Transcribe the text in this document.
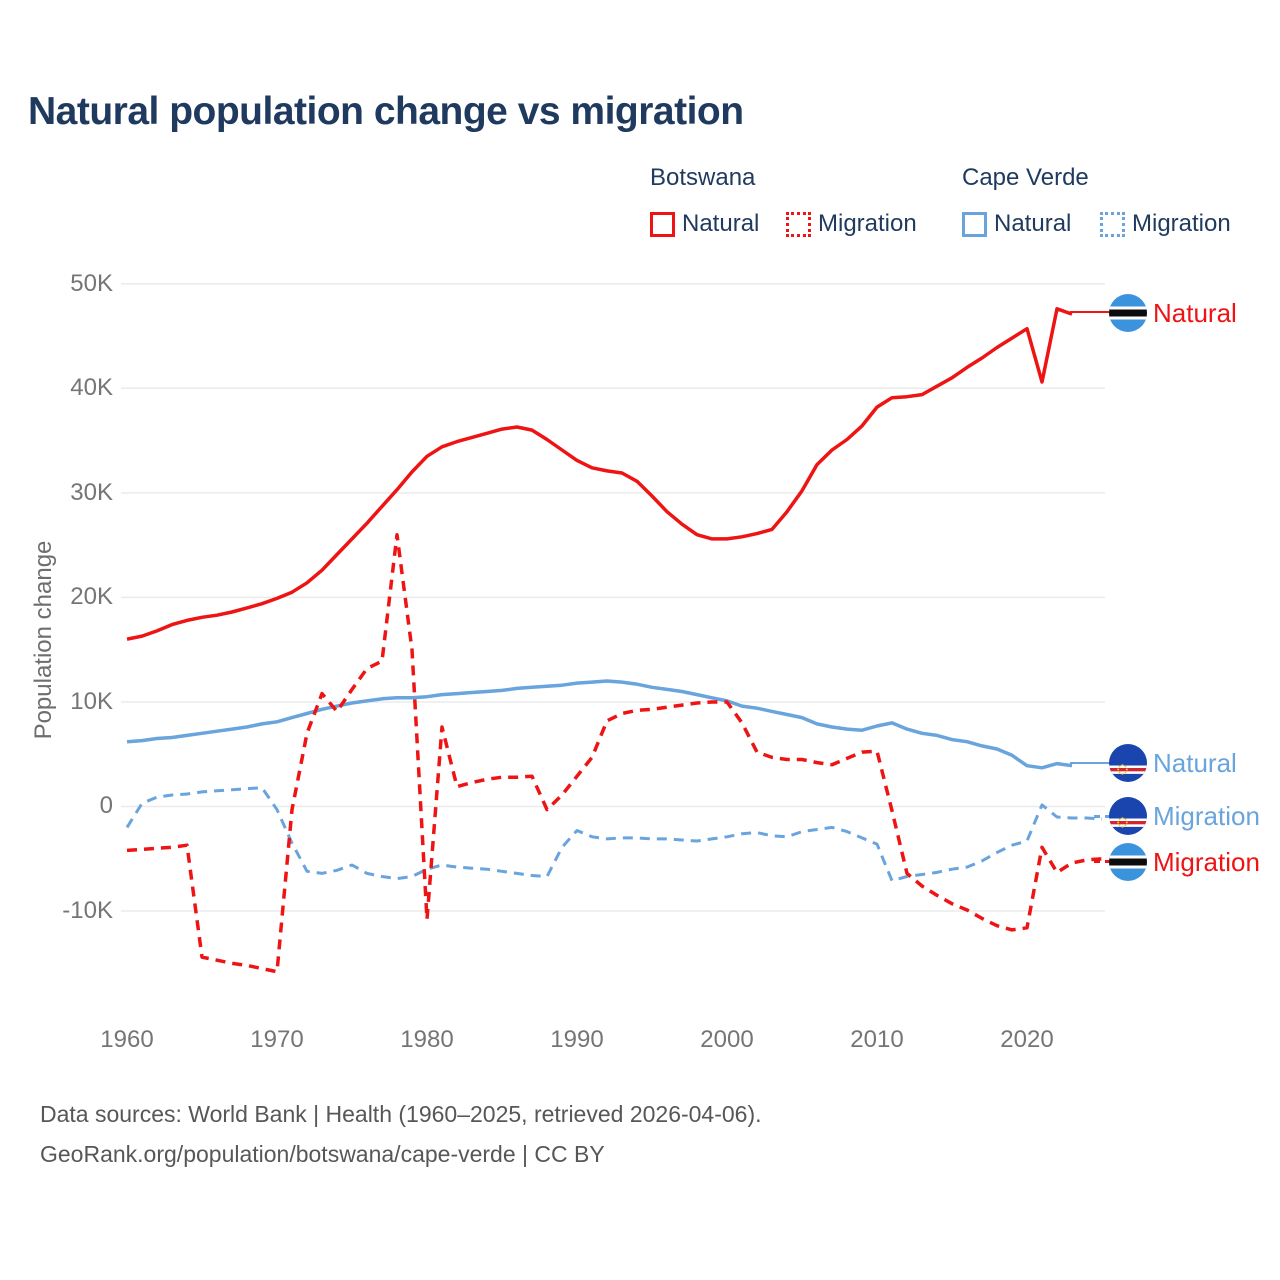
Natural population change vs migration
Botswana	Cape Verde
Natural Migration	Natural	Migration
Population change
50K
40K
30K
20K
10K
0
-10K
1960	1970	1980	1990	2000	2010	2020
Natural
Natural
Migration
Migration
Data sources: World Bank | Health (1960–2025, retrieved 2026-04-06).
GeoRank.org/population/botswana/cape-verde | CC BY
